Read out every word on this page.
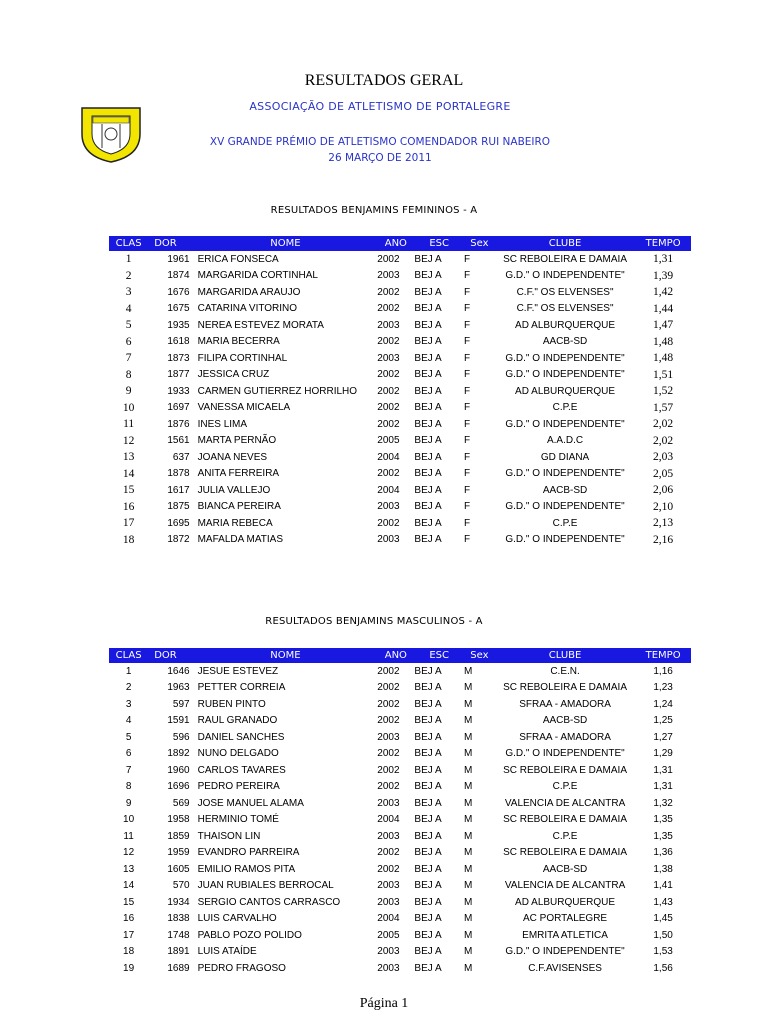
RESULTADOS GERAL
ASSOCIAÇÃO DE ATLETISMO DE PORTALEGRE
XV GRANDE PRÉMIO DE ATLETISMO COMENDADOR RUI NABEIRO
26 MARÇO DE 2011
RESULTADOS BENJAMINS FEMININOS - A
CLAS	DOR	NOME	ANO	ESC	Sex	CLUBE	TEMPO
1	1961	ERICA FONSECA	2002	BEJ A	F	SC REBOLEIRA E DAMAIA	1,31
2	1874	MARGARIDA CORTINHAL	2003	BEJ A	F	G.D." O INDEPENDENTE"	1,39
3	1676	MARGARIDA ARAUJO	2002	BEJ A	F	C.F." OS ELVENSES"	1,42
4	1675	CATARINA VITORINO	2002	BEJ A	F	C.F." OS ELVENSES"	1,44
5	1935	NEREA ESTEVEZ MORATA	2003	BEJ A	F	AD ALBURQUERQUE	1,47
6	1618	MARIA BECERRA	2002	BEJ A	F	AACB-SD	1,48
7	1873	FILIPA CORTINHAL	2003	BEJ A	F	G.D." O INDEPENDENTE"	1,48
8	1877	JESSICA CRUZ	2002	BEJ A	F	G.D." O INDEPENDENTE"	1,51
9	1933	CARMEN GUTIERREZ HORRILHO	2002	BEJ A	F	AD ALBURQUERQUE	1,52
10	1697	VANESSA MICAELA	2002	BEJ A	F	C.P.E	1,57
11	1876	INES LIMA	2002	BEJ A	F	G.D." O INDEPENDENTE"	2,02
12	1561	MARTA PERNÃO	2005	BEJ A	F	A.A.D.C	2,02
13	637	JOANA NEVES	2004	BEJ A	F	GD DIANA	2,03
14	1878	ANITA FERREIRA	2002	BEJ A	F	G.D." O INDEPENDENTE"	2,05
15	1617	JULIA VALLEJO	2004	BEJ A	F	AACB-SD	2,06
16	1875	BIANCA PEREIRA	2003	BEJ A	F	G.D." O INDEPENDENTE"	2,10
17	1695	MARIA REBECA	2002	BEJ A	F	C.P.E	2,13
18	1872	MAFALDA MATIAS	2003	BEJ A	F	G.D." O INDEPENDENTE"	2,16
RESULTADOS BENJAMINS MASCULINOS - A
CLAS	DOR	NOME	ANO	ESC	Sex	CLUBE	TEMPO
1	1646	JESUE ESTEVEZ	2002	BEJ A	M	C.E.N.	1,16
2	1963	PETTER CORREIA	2002	BEJ A	M	SC REBOLEIRA E DAMAIA	1,23
3	597	RUBEN PINTO	2002	BEJ A	M	SFRAA - AMADORA	1,24
4	1591	RAUL GRANADO	2002	BEJ A	M	AACB-SD	1,25
5	596	DANIEL SANCHES	2003	BEJ A	M	SFRAA - AMADORA	1,27
6	1892	NUNO DELGADO	2002	BEJ A	M	G.D." O INDEPENDENTE"	1,29
7	1960	CARLOS TAVARES	2002	BEJ A	M	SC REBOLEIRA E DAMAIA	1,31
8	1696	PEDRO PEREIRA	2002	BEJ A	M	C.P.E	1,31
9	569	JOSE MANUEL ALAMA	2003	BEJ A	M	VALENCIA DE ALCANTRA	1,32
10	1958	HERMINIO TOMÉ	2004	BEJ A	M	SC REBOLEIRA E DAMAIA	1,35
11	1859	THAISON LIN	2003	BEJ A	M	C.P.E	1,35
12	1959	EVANDRO PARREIRA	2002	BEJ A	M	SC REBOLEIRA E DAMAIA	1,36
13	1605	EMILIO RAMOS PITA	2002	BEJ A	M	AACB-SD	1,38
14	570	JUAN RUBIALES BERROCAL	2003	BEJ A	M	VALENCIA DE ALCANTRA	1,41
15	1934	SERGIO CANTOS CARRASCO	2003	BEJ A	M	AD ALBURQUERQUE	1,43
16	1838	LUIS CARVALHO	2004	BEJ A	M	AC PORTALEGRE	1,45
17	1748	PABLO POZO POLIDO	2005	BEJ A	M	EMRITA ATLETICA	1,50
18	1891	LUIS ATAÍDE	2003	BEJ A	M	G.D." O INDEPENDENTE"	1,53
19	1689	PEDRO FRAGOSO	2003	BEJ A	M	C.F.AVISENSES	1,56
Página 1
